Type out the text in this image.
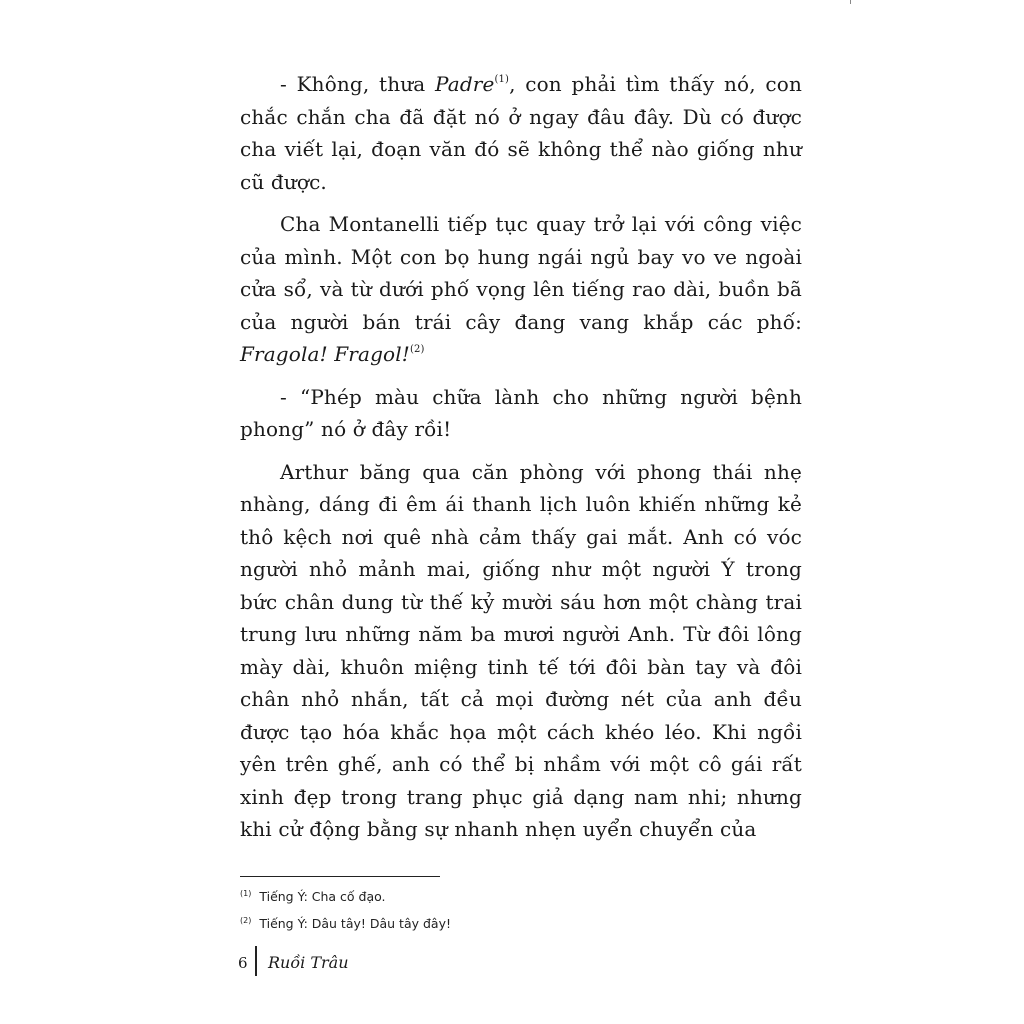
- Không, thưa Padre$^{(1)}$, con phải tìm thấy nó, con chắc chắn cha đã đặt nó ở ngay đâu đây. Dù có được cha viết lại, đoạn văn đó sẽ không thể nào giống như cũ được.

Cha Montanelli tiếp tục quay trở lại với công việc của mình. Một con bọ hung ngái ngủ bay vo ve ngoài cửa sổ, và từ dưới phố vọng lên tiếng rao dài, buồn bã của người bán trái cây đang vang khắp các phố: Fragola! Fragol!$^{(2)}$

- “Phép màu chữa lành cho những người bệnh phong” nó ở đây rồi!

Arthur băng qua căn phòng với phong thái nhẹ nhàng, dáng đi êm ái thanh lịch luôn khiến những kẻ thô kệch nơi quê nhà cảm thấy gai mắt. Anh có vóc người nhỏ mảnh mai, giống như một người Ý trong bức chân dung từ thế kỷ mười sáu hơn một chàng trai trung lưu những năm ba mươi người Anh. Từ đôi lông mày dài, khuôn miệng tinh tế tới đôi bàn tay và đôi chân nhỏ nhắn, tất cả mọi đường nét của anh đều được tạo hóa khắc họa một cách khéo léo. Khi ngồi yên trên ghế, anh có thể bị nhầm với một cô gái rất xinh đẹp trong trang phục giả dạng nam nhi; nhưng khi cử động bằng sự nhanh nhẹn uyển chuyển của

$^{(1)}$ Tiếng Ý: Cha cố đạo.
$^{(2)}$ Tiếng Ý: Dâu tây! Dâu tây đây!
6 Ruồi Trâu
